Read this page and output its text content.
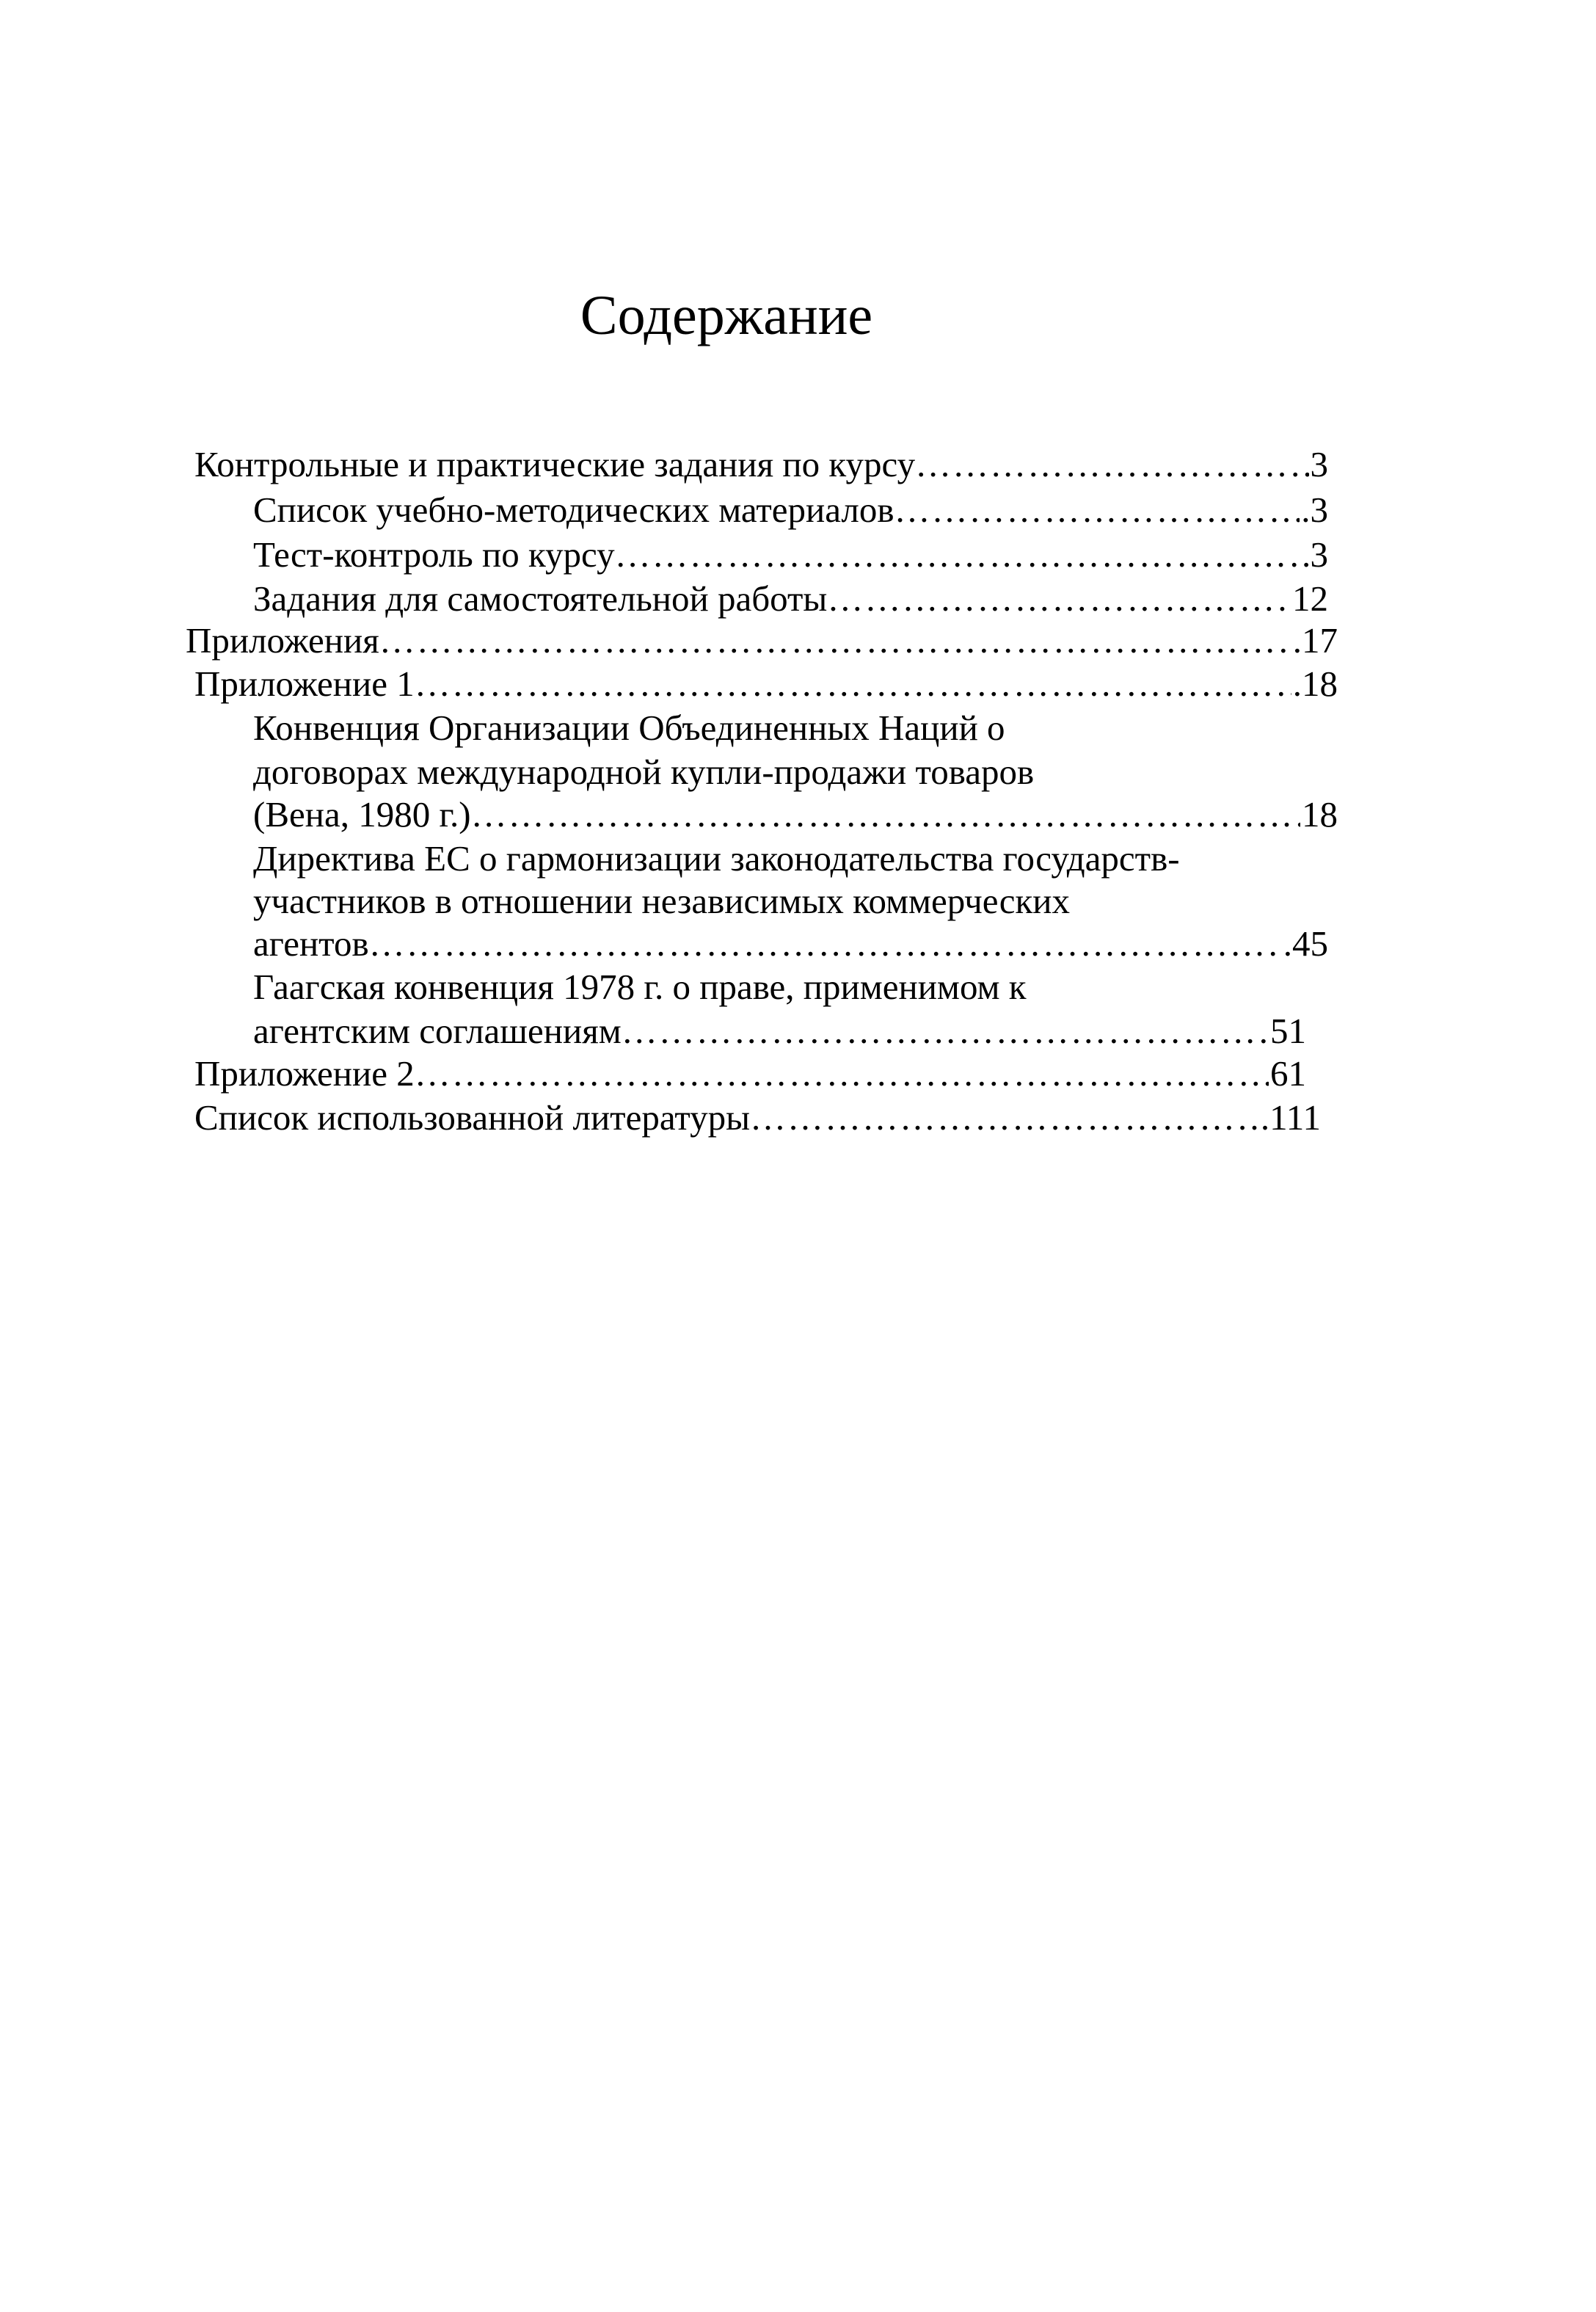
Содержание
Контрольные и практические задания по курсу ……………………………………………………………………………………………………………………………………………………………………………………………………………………………	3
Список учебно-методических материалов ……………………………………………………………………………………………………………………………………………………………………………………………………………………………	.3
Тест-контроль по курсу ……………………………………………………………………………………………………………………………………………………………………………………………………………………………	3
Задания для самостоятельной работы ……………………………………………………………………………………………………………………………………………………………………………………………………………………………	12
Приложения ……………………………………………………………………………………………………………………………………………………………………………………………………………………………	.17
Приложение 1 ……………………………………………………………………………………………………………………………………………………………………………………………………………………………	.18
Конвенция Организации Объединенных Наций о
договорах международной купли-продажи товаров
(Вена, 1980 г.) ……………………………………………………………………………………………………………………………………………………………………………………………………………………………	18
Директива ЕС о гармонизации законодательства государств-
участников в отношении независимых коммерческих
агентов ……………………………………………………………………………………………………………………………………………………………………………………………………………………………	.45
Гаагская конвенция 1978 г. о праве, применимом к
агентским соглашениям ……………………………………………………………………………………………………………………………………………………………………………………………………………………………	51
Приложение 2 ……………………………………………………………………………………………………………………………………………………………………………………………………………………………	61
Список использованной литературы ……………………………………………………………………………………………………………………………………………………………………………………………………………………………	.111
